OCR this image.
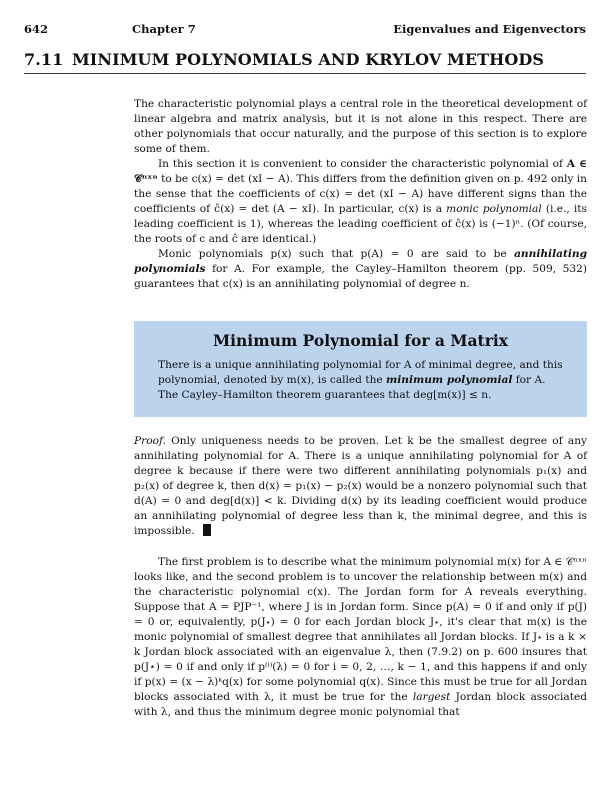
642	Chapter 7	Eigenvalues and Eigenvectors
7.11 MINIMUM POLYNOMIALS AND KRYLOV METHODS

The characteristic polynomial plays a central role in the theoretical development of linear algebra and matrix analysis, but it is not alone in this respect. There are other polynomials that occur naturally, and the purpose of this section is to explore some of them.

In this section it is convenient to consider the characteristic polynomial of A ∈ 𝒞ⁿˣⁿ to be c(x) = det (xI − A). This differs from the definition given on p. 492 only in the sense that the coefficients of c(x) = det (xI − A) have different signs than the coefficients of ĉ(x) = det (A − xI). In particular, c(x) is a monic polynomial (i.e., its leading coefficient is 1), whereas the leading coefficient of ĉ(x) is (−1)ⁿ. (Of course, the roots of c and ĉ are identical.)

Monic polynomials p(x) such that p(A) = 0 are said to be annihilating polynomials for A. For example, the Cayley–Hamilton theorem (pp. 509, 532) guarantees that c(x) is an annihilating polynomial of degree n.

Minimum Polynomial for a Matrix
There is a unique annihilating polynomial for A of minimal degree, and this polynomial, denoted by m(x), is called the minimum polynomial for A. The Cayley–Hamilton theorem guarantees that deg[m(x)] ≤ n.

Proof. Only uniqueness needs to be proven. Let k be the smallest degree of any annihilating polynomial for A. There is a unique annihilating polynomial for A of degree k because if there were two different annihilating polynomials p₁(x) and p₂(x) of degree k, then d(x) = p₁(x) − p₂(x) would be a nonzero polynomial such that d(A) = 0 and deg[d(x)] < k. Dividing d(x) by its leading coefficient would produce an annihilating polynomial of degree less than k, the minimal degree, and this is impossible.

The first problem is to describe what the minimum polynomial m(x) for A ∈ 𝒞ⁿˣⁿ looks like, and the second problem is to uncover the relationship between m(x) and the characteristic polynomial c(x). The Jordan form for A reveals everything. Suppose that A = PJP⁻¹, where J is in Jordan form. Since p(A) = 0 if and only if p(J) = 0 or, equivalently, p(J⋆) = 0 for each Jordan block J⋆, it's clear that m(x) is the monic polynomial of smallest degree that annihilates all Jordan blocks. If J⋆ is a k × k Jordan block associated with an eigenvalue λ, then (7.9.2) on p. 600 insures that p(J⋆) = 0 if and only if p⁽ⁱ⁾(λ) = 0 for i = 0, 2, …, k − 1, and this happens if and only if p(x) = (x − λ)ᵏq(x) for some polynomial q(x). Since this must be true for all Jordan blocks associated with λ, it must be true for the largest Jordan block associated with λ, and thus the minimum degree monic polynomial that
